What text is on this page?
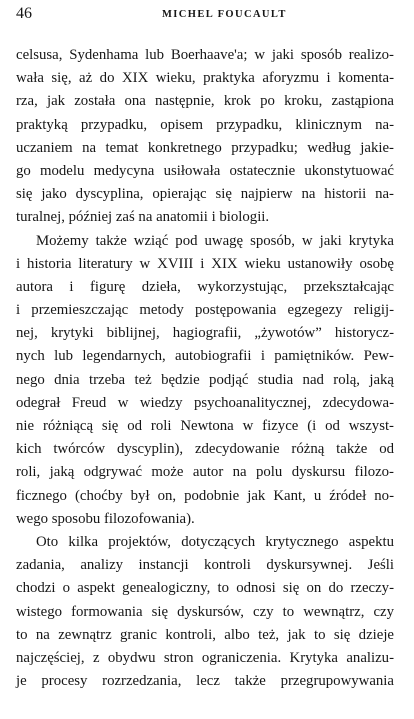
46	MICHEL FOUCAULT
celsusa, Sydenhama lub Boerhaave'a; w jaki sposób realizo-
wała się, aż do XIX wieku, praktyka aforyzmu i komenta-
rza, jak została ona następnie, krok po kroku, zastąpiona
praktyką przypadku, opisem przypadku, klinicznym na-
uczaniem na temat konkretnego przypadku; według jakie-
go modelu medycyna usiłowała ostatecznie ukonstytuować
się jako dyscyplina, opierając się najpierw na historii na-
turalnej, później zaś na anatomii i biologii.
Możemy także wziąć pod uwagę sposób, w jaki krytyka
i historia literatury w XVIII i XIX wieku ustanowiły osobę
autora i figurę dzieła, wykorzystując, przekształcając
i przemieszczając metody postępowania egzegezy religij-
nej, krytyki biblijnej, hagiografii, „żywotów” historycz-
nych lub legendarnych, autobiografii i pamiętników. Pew-
nego dnia trzeba też będzie podjąć studia nad rolą, jaką
odegrał Freud w wiedzy psychoanalitycznej, zdecydowa-
nie różniącą się od roli Newtona w fizyce (i od wszyst-
kich twórców dyscyplin), zdecydowanie różną także od
roli, jaką odgrywać może autor na polu dyskursu filozo-
ficznego (choćby był on, podobnie jak Kant, u źródeł no-
wego sposobu filozofowania).
Oto kilka projektów, dotyczących krytycznego aspektu
zadania, analizy instancji kontroli dyskursywnej. Jeśli
chodzi o aspekt genealogiczny, to odnosi się on do rzeczy-
wistego formowania się dyskursów, czy to wewnątrz, czy
to na zewnątrz granic kontroli, albo też, jak to się dzieje
najczęściej, z obydwu stron ograniczenia. Krytyka analizu-
je procesy rozrzedzania, lecz także przegrupowywania
